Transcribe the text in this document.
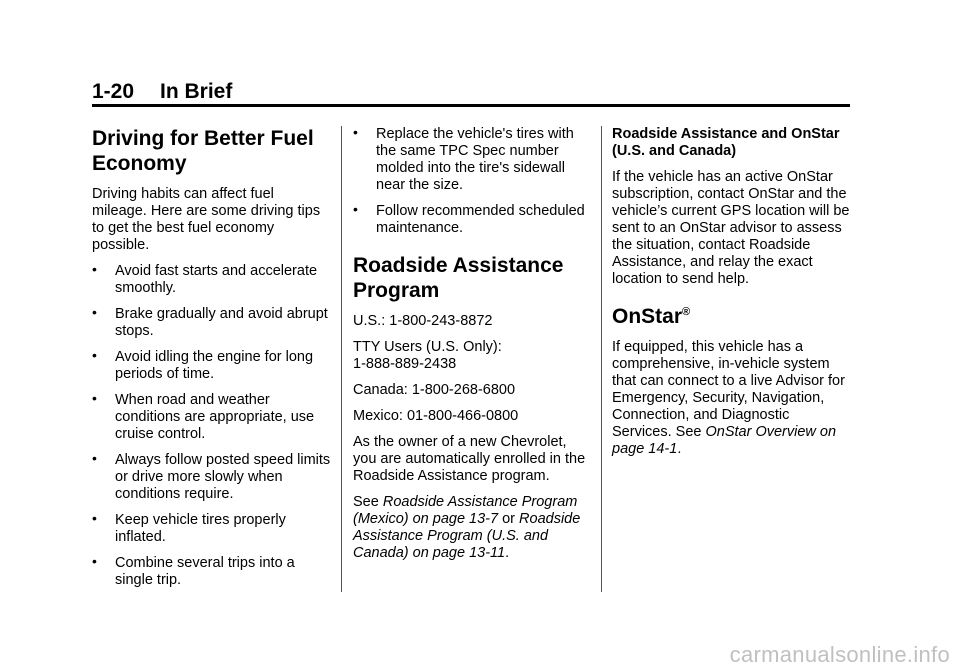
1-20 In Brief
Driving for Better Fuel Economy

Driving habits can affect fuel mileage. Here are some driving tips to get the best fuel economy possible.

• Avoid fast starts and accelerate smoothly.
• Brake gradually and avoid abrupt stops.
• Avoid idling the engine for long periods of time.
• When road and weather conditions are appropriate, use cruise control.
• Always follow posted speed limits or drive more slowly when conditions require.
• Keep vehicle tires properly inflated.
• Combine several trips into a single trip.
• Replace the vehicle's tires with the same TPC Spec number molded into the tire's sidewall near the size.
• Follow recommended scheduled maintenance.
Roadside Assistance Program

U.S.: 1-800-243-8872

TTY Users (U.S. Only):
1-888-889-2438

Canada: 1-800-268-6800

Mexico: 01-800-466-0800

As the owner of a new Chevrolet, you are automatically enrolled in the Roadside Assistance program.

See Roadside Assistance Program (Mexico) on page 13-7 or Roadside Assistance Program (U.S. and Canada) on page 13-11.

Roadside Assistance and OnStar (U.S. and Canada)

If the vehicle has an active OnStar subscription, contact OnStar and the vehicle’s current GPS location will be sent to an OnStar advisor to assess the situation, contact Roadside Assistance, and relay the exact location to send help.

OnStar®

If equipped, this vehicle has a comprehensive, in-vehicle system that can connect to a live Advisor for Emergency, Security, Navigation, Connection, and Diagnostic Services. See OnStar Overview on page 14-1.

carmanualsonline.info
